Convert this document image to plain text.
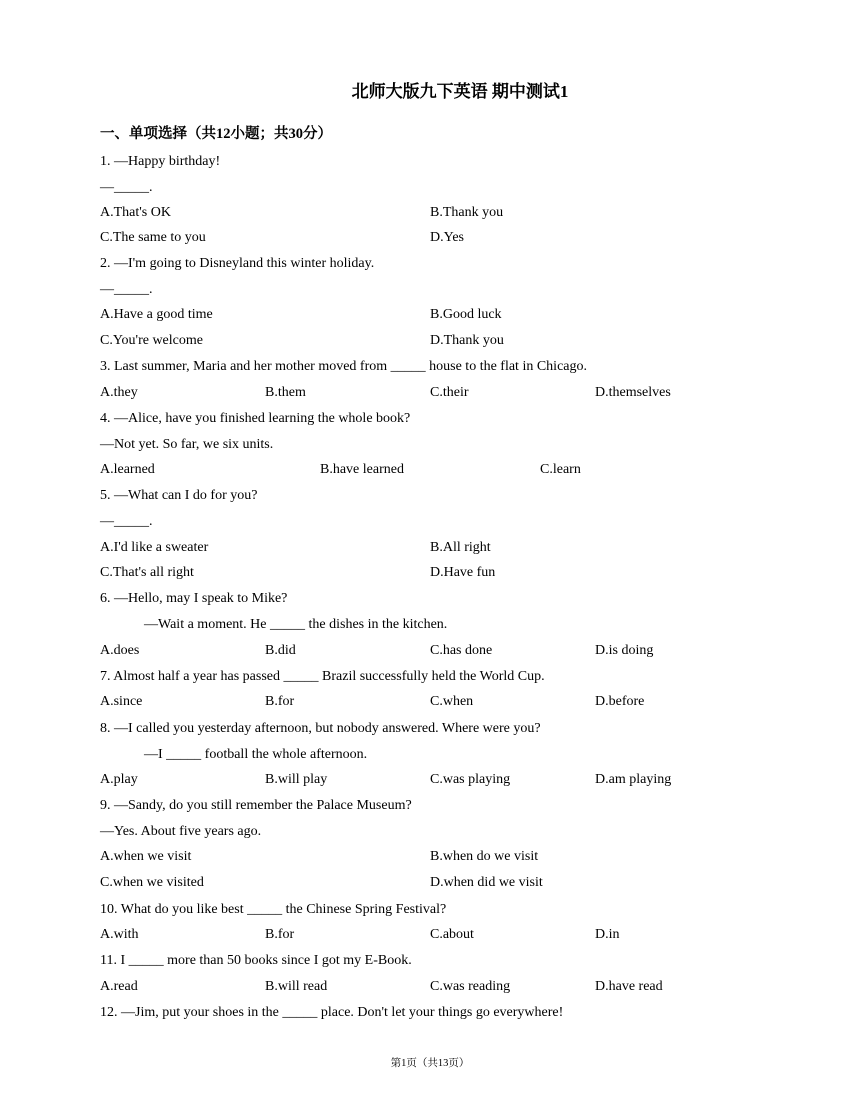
北师大版九下英语 期中测试1
一、单项选择（共12小题；共30分）
1. —Happy birthday!
—_____.
A.That's OK	B.Thank you
C.The same to you	D.Yes
2. —I'm going to Disneyland this winter holiday.
—_____.
A.Have a good time	B.Good luck
C.You're welcome	D.Thank you
3. Last summer, Maria and her mother moved from _____ house to the flat in Chicago.
A.they	B.them	C.their	D.themselves
4. —Alice, have you finished learning the whole book?
—Not yet. So far, we six units.
A.learned	B.have learned	C.learn
5. —What can I do for you?
—_____.
A.I'd like a sweater	B.All right
C.That's all right	D.Have fun
6. —Hello, may I speak to Mike?
—Wait a moment. He _____ the dishes in the kitchen.
A.does	B.did	C.has done	D.is doing
7. Almost half a year has passed _____ Brazil successfully held the World Cup.
A.since	B.for	C.when	D.before
8. —I called you yesterday afternoon, but nobody answered. Where were you?
—I _____ football the whole afternoon.
A.play	B.will play	C.was playing	D.am playing
9. —Sandy, do you still remember the Palace Museum?
—Yes. About five years ago.
A.when we visit	B.when do we visit
C.when we visited	D.when did we visit
10. What do you like best _____ the Chinese Spring Festival?
A.with	B.for	C.about	D.in
11. I _____ more than 50 books since I got my E-Book.
A.read	B.will read	C.was reading	D.have read
12. —Jim, put your shoes in the _____ place. Don't let your things go everywhere!
第1页（共13页）
